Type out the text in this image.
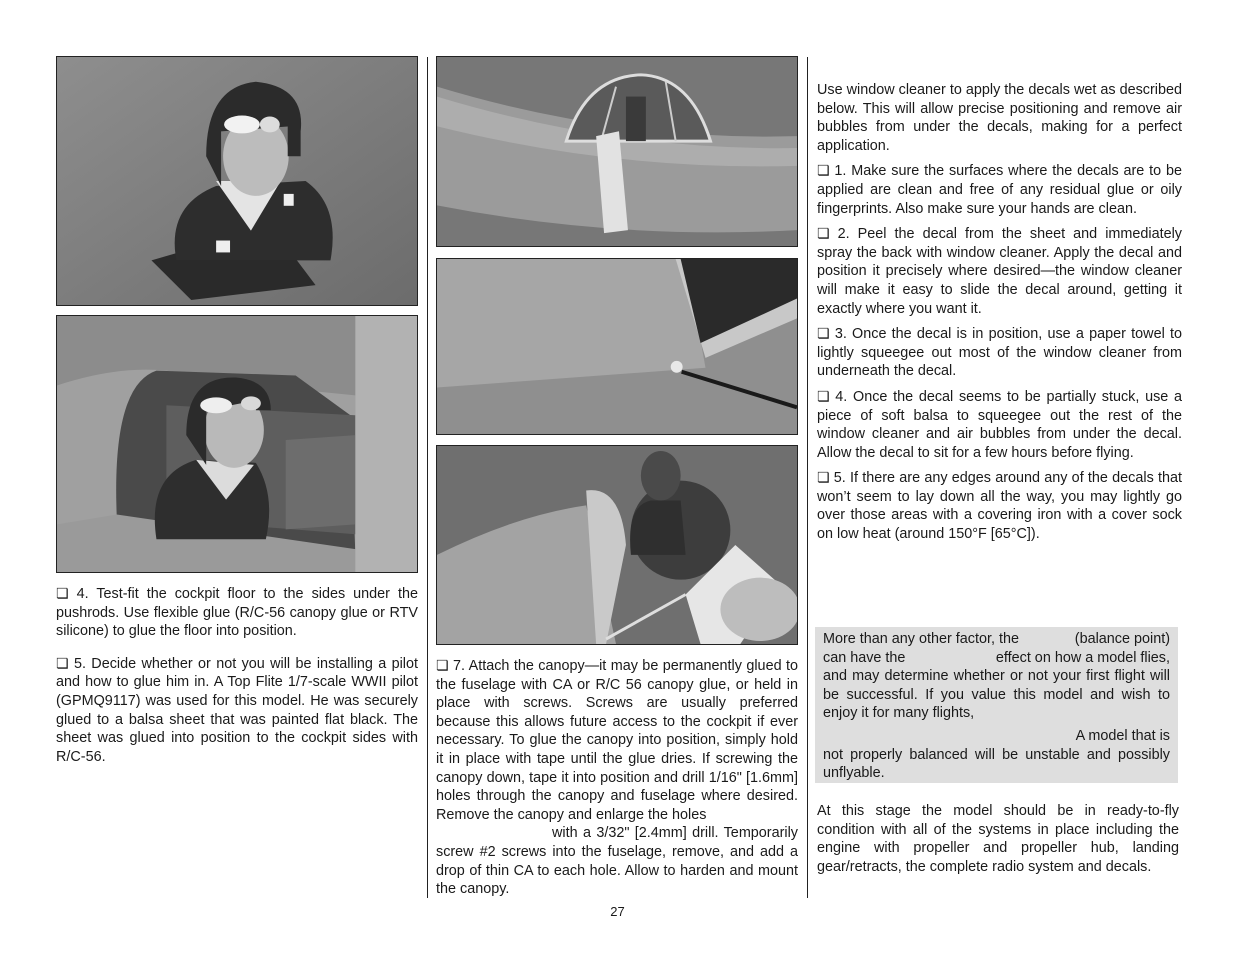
❏ 4. Test-fit the cockpit floor to the sides under the pushrods. Use flexible glue (R/C-56 canopy glue or RTV silicone) to glue the floor into position.

❏ 5. Decide whether or not you will be installing a pilot and how to glue him in. A Top Flite 1/7-scale WWII pilot (GPMQ9117) was used for this model. He was securely glued to a balsa sheet that was painted flat black. The sheet was glued into position to the cockpit sides with R/C-56.

❏ 7. Attach the canopy—it may be permanently glued to the fuselage with CA or R/C 56 canopy glue, or held in place with screws. Screws are usually preferred because this allows future access to the cockpit if ever necessary. To glue the canopy into position, simply hold it in place with tape until the glue dries. If screwing the canopy down, tape it into position and drill 1/16" [1.6mm] holes through the canopy and fuselage where desired. Remove the canopy and enlarge the holes

with a 3/32" [2.4mm] drill. Temporarily screw #2 screws into the fuselage, remove, and add a drop of thin CA to each hole. Allow to harden and mount the canopy.

Use window cleaner to apply the decals wet as described below. This will allow precise positioning and remove air bubbles from under the decals, making for a perfect application.

❏ 1. Make sure the surfaces where the decals are to be applied are clean and free of any residual glue or oily fingerprints. Also make sure your hands are clean.

❏ 2. Peel the decal from the sheet and immediately spray the back with window cleaner. Apply the decal and position it precisely where desired—the window cleaner will make it easy to slide the decal around, getting it exactly where you want it.

❏ 3. Once the decal is in position, use a paper towel to lightly squeegee out most of the window cleaner from underneath the decal.

❏ 4. Once the decal seems to be partially stuck, use a piece of soft balsa to squeegee out the rest of the window cleaner and air bubbles from under the decal. Allow the decal to sit for a few hours before flying.

❏ 5. If there are any edges around any of the decals that won’t seem to lay down all the way, you may lightly go over those areas with a covering iron with a cover sock on low heat (around 150°F [65°C]).

More than any other factor, the	(balance point)

can have the	effect on how a model flies,

and may determine whether or not your first flight will be successful. If you value this model and wish to enjoy it for many flights,

A model that is

not properly balanced will be unstable and possibly unflyable.

At this stage the model should be in ready-to-fly condition with all of the systems in place including the engine with propeller and propeller hub, landing gear/retracts, the complete radio system and decals.
27
